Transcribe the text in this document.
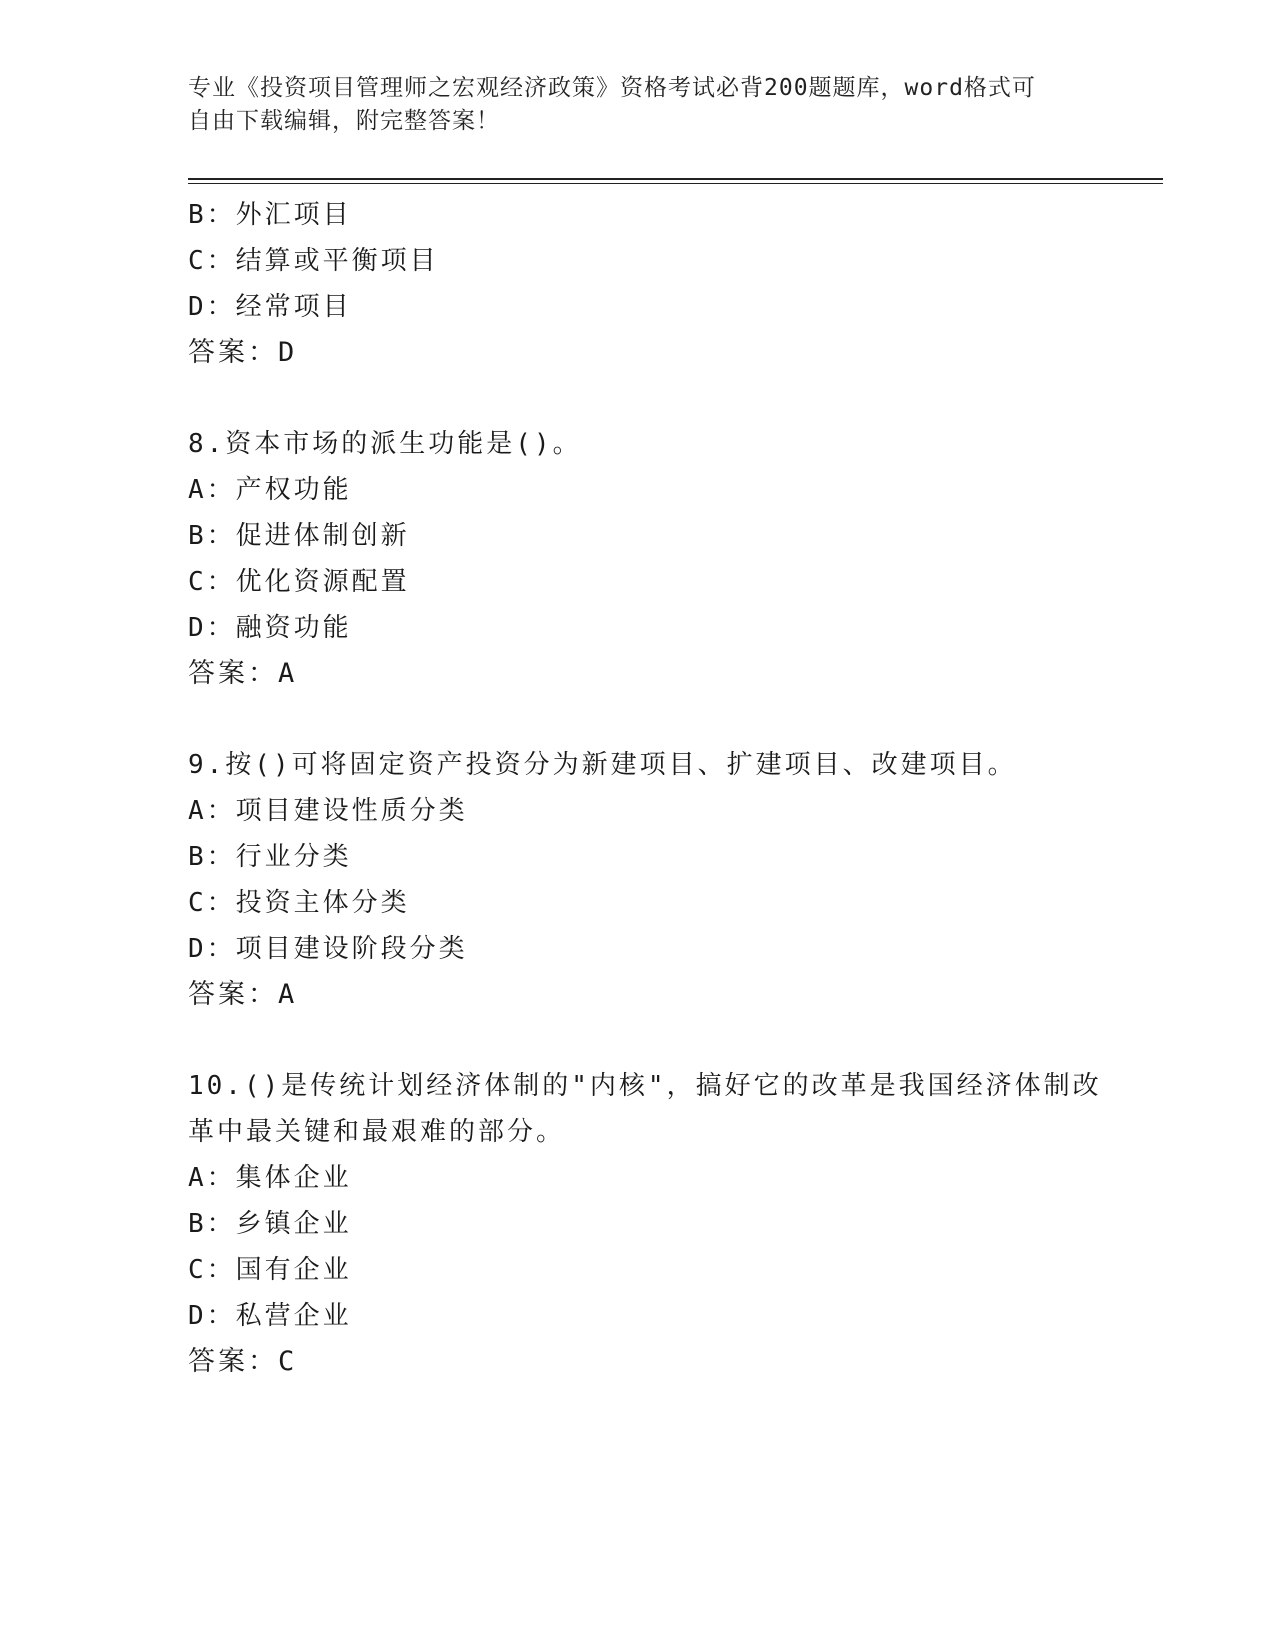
专业《投资项目管理师之宏观经济政策》资格考试必背200题题库，word格式可
自由下载编辑，附完整答案！
B：外汇项目
C：结算或平衡项目
D：经常项目
答案：D
8.资本市场的派生功能是()。
A：产权功能
B：促进体制创新
C：优化资源配置
D：融资功能
答案：A
9.按()可将固定资产投资分为新建项目、扩建项目、改建项目。
A：项目建设性质分类
B：行业分类
C：投资主体分类
D：项目建设阶段分类
答案：A
10.()是传统计划经济体制的"内核"，搞好它的改革是我国经济体制改
革中最关键和最艰难的部分。
A：集体企业
B：乡镇企业
C：国有企业
D：私营企业
答案：C
